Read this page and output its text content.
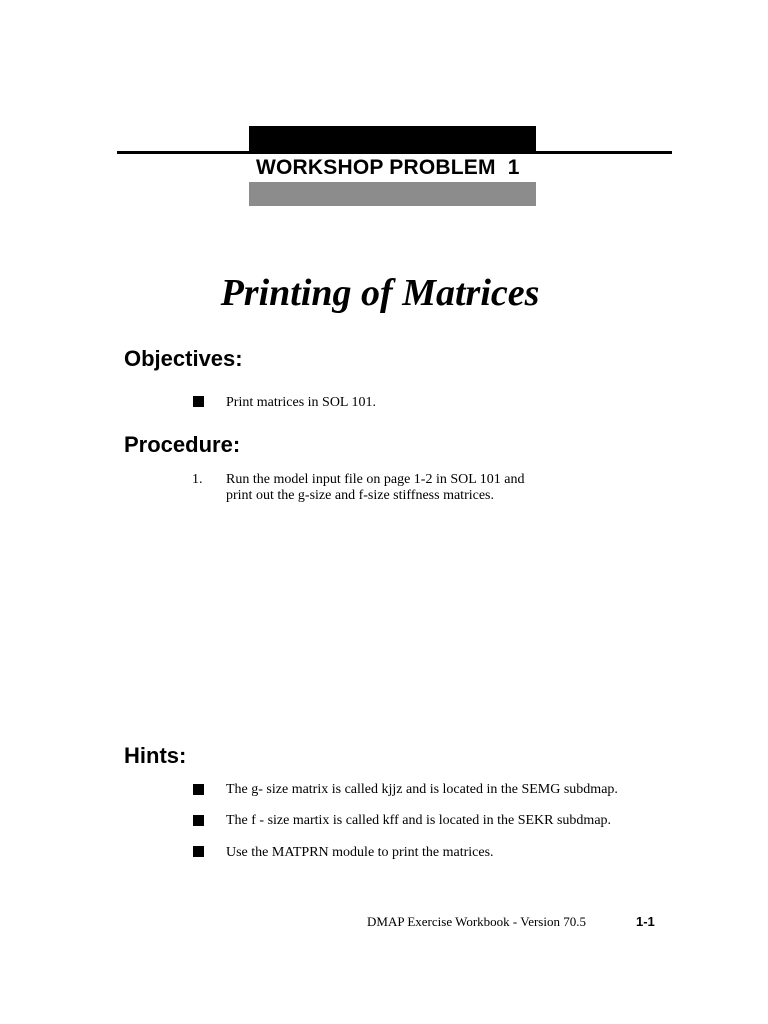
WORKSHOP PROBLEM  1
Printing of Matrices
Objectives:
Print matrices in SOL 101.
Procedure:
1. Run the model input file on page 1-2 in SOL 101 and
print out the g-size and f-size stiffness matrices.
Hints:
The g- size matrix is called kjjz and is located in the SEMG subdmap.
The f - size martix is called kff and is located in the SEKR subdmap.
Use the MATPRN module to print the matrices.
DMAP Exercise Workbook - Version 70.5	1-1
